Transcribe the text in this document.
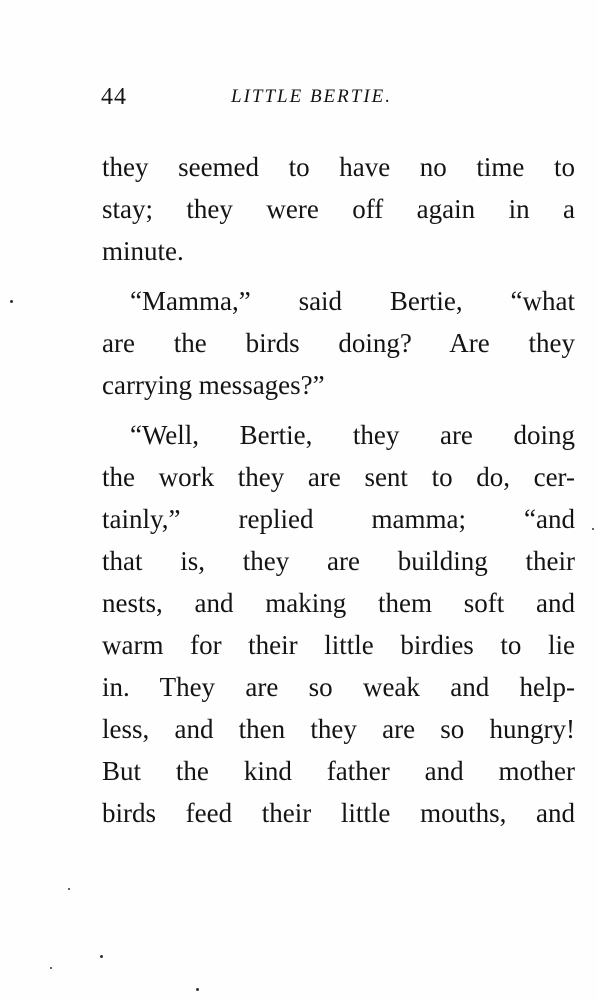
44	LITTLE BERTIE.
they seemed to have no time to
stay; they were off again in a
minute.
“Mamma,” said Bertie, “what
are the birds doing? Are they
carrying messages?”
“Well, Bertie, they are doing
the work they are sent to do, cer-
tainly,” replied mamma; “and
that is, they are building their
nests, and making them soft and
warm for their little birdies to lie
in. They are so weak and help-
less, and then they are so hungry!
But the kind father and mother
birds feed their little mouths, and
